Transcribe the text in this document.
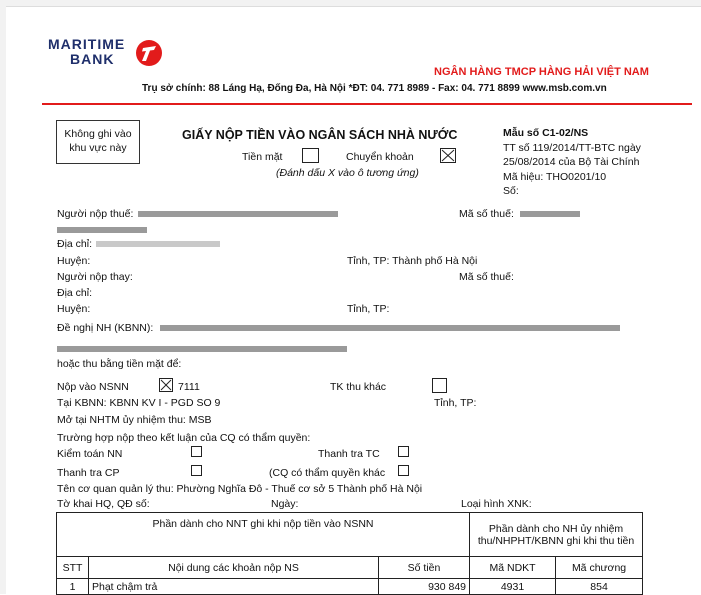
MARITIME
BANK
NGÂN HÀNG TMCP HÀNG HẢI VIỆT NAM
Trụ sở chính: 88 Láng Hạ, Đống Đa, Hà Nội *ĐT: 04. 771 8989 - Fax: 04. 771 8899 www.msb.com.vn
Không ghi vào
khu vực này
GIẤY NỘP TIỀN VÀO NGÂN SÁCH NHÀ NƯỚC
Tiền mặt	Chuyển khoản
(Đánh dấu X vào ô tương ứng)
Mẫu số C1-02/NS
TT số 119/2014/TT-BTC ngày
25/08/2014 của Bộ Tài Chính
Mã hiệu: THO0201/10
Số:
Người nộp thuế:	Mã số thuế:
Địa chỉ:
Huyện:	Tỉnh, TP: Thành phố Hà Nội
Người nộp thay:	Mã số thuế:
Địa chỉ:
Huyện:	Tỉnh, TP:
Đề nghị NH (KBNN):
hoặc thu bằng tiền mặt để:
Nộp vào NSNN	7111	TK thu khác
Tại KBNN: KBNN KV I - PGD SO 9	Tỉnh, TP:
Mở tại NHTM ủy nhiệm thu: MSB
Trường hợp nộp theo kết luận của CQ có thẩm quyền:
Kiểm toán NN	Thanh tra TC
Thanh tra CP	(CQ có thẩm quyền khác
Tên cơ quan quản lý thu: Phường Nghĩa Đô - Thuế cơ sở 5 Thành phố Hà Nội
Tờ khai HQ, QĐ số:	Ngày:	Loại hình XNK:
Phần dành cho NNT ghi khi nộp tiền vào NSNN			Phần dành cho NH ủy nhiệm thu/NHPHT/KBNN ghi khi thu tiền	
STT	Nội dung các khoản nộp NS	Số tiền	Mã NDKT	Mã chương
1	Phạt chậm trả	930 849	4931	854
